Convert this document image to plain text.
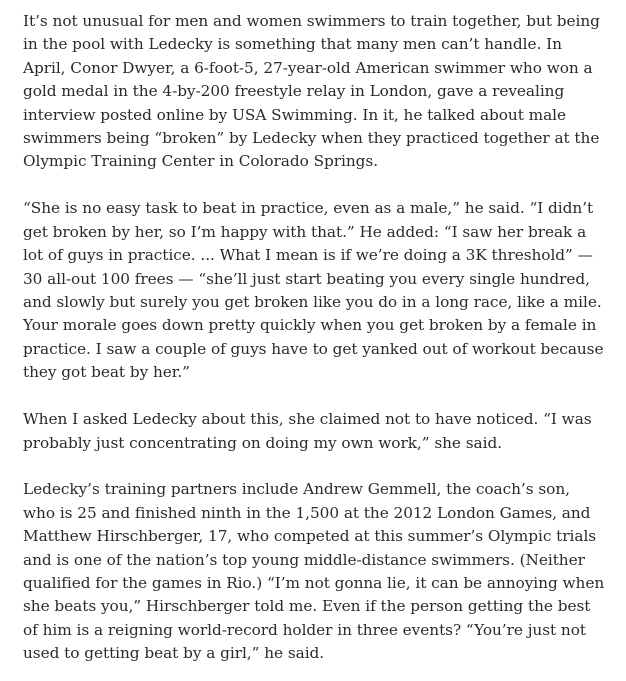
It’s not unusual for men and women swimmers to train together, but being in the pool with Ledecky is something that many men can’t handle. In April, Conor Dwyer, a 6-foot-5, 27-year-old American swimmer who won a gold medal in the 4-by-200 freestyle relay in London, gave a revealing interview posted online by USA Swimming. In it, he talked about male swimmers being “broken” by Ledecky when they practiced together at the Olympic Training Center in Colorado Springs.

“She is no easy task to beat in practice, even as a male,” he said. “I didn’t get broken by her, so I’m happy with that.” He added: “I saw her break a lot of guys in practice. ... What I mean is if we’re doing a 3K threshold” — 30 all-out 100 frees — “she’ll just start beating you every single hundred, and slowly but surely you get broken like you do in a long race, like a mile. Your morale goes down pretty quickly when you get broken by a female in practice. I saw a couple of guys have to get yanked out of workout because they got beat by her.”

When I asked Ledecky about this, she claimed not to have noticed. “I was probably just concentrating on doing my own work,” she said.

Ledecky’s training partners include Andrew Gemmell, the coach’s son, who is 25 and finished ninth in the 1,500 at the 2012 London Games, and Matthew Hirschberger, 17, who competed at this summer’s Olympic trials and is one of the nation’s top young middle-distance swimmers. (Neither qualified for the games in Rio.) “I’m not gonna lie, it can be annoying when she beats you,” Hirschberger told me. Even if the person getting the best of him is a reigning world-record holder in three events? “You’re just not used to getting beat by a girl,” he said.
